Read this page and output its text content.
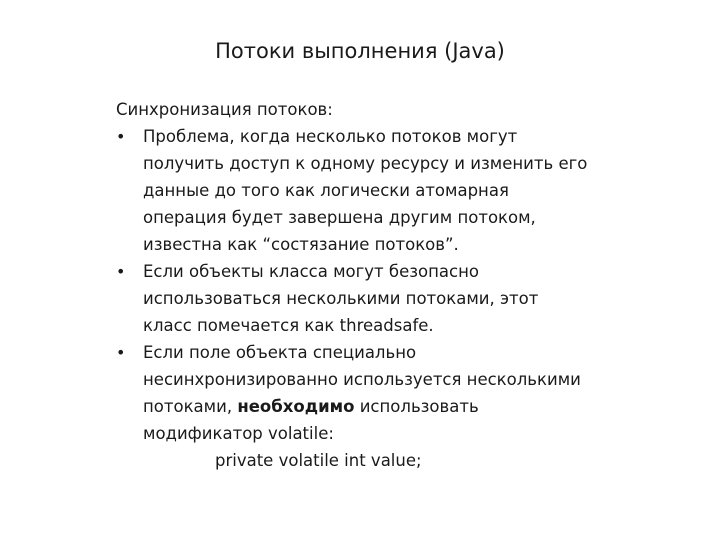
Потоки выполнения (Java)

Синхронизация потоков:

•	Проблема, когда несколько потоков могут
получить доступ к одному ресурсу и изменить его
данные до того как логически атомарная
операция будет завершена другим потоком,
известна как “состязание потоков”.
•	Если объекты класса могут безопасно
использоваться несколькими потоками, этот
класс помечается как threadsafe.
•	Если поле объекта специально
несинхронизированно используется несколькими
потоками, необходимо использовать
модификатор volatile:
private volatile int value;
